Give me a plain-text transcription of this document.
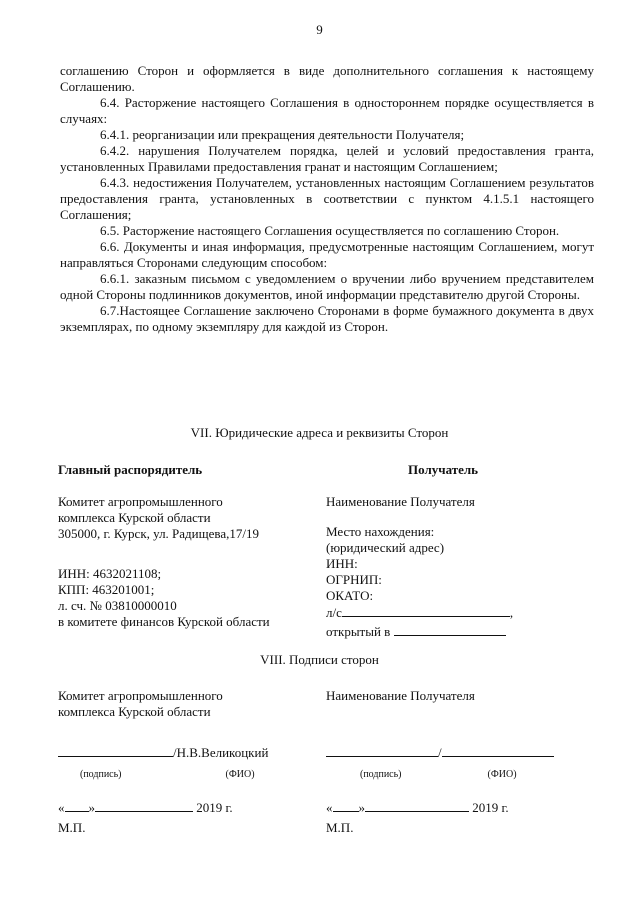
9

соглашению Сторон и оформляется в виде дополнительного соглашения к настоящему Соглашению.

6.4. Расторжение настоящего Соглашения в одностороннем порядке осуществляется в случаях:

6.4.1. реорганизации или прекращения деятельности Получателя;

6.4.2. нарушения Получателем порядка, целей и условий предоставления гранта, установленных Правилами предоставления гранат и настоящим Соглашением;

6.4.3. недостижения Получателем, установленных настоящим Соглашением результатов предоставления гранта, установленных в соответствии с пунктом 4.1.5.1 настоящего Соглашения;

6.5. Расторжение настоящего Соглашения осуществляется по соглашению Сторон.

6.6. Документы и иная информация, предусмотренные настоящим Соглашением, могут направляться Сторонами следующим способом:

6.6.1. заказным письмом с уведомлением о вручении либо вручением представителем одной Стороны подлинников документов, иной информации представителю другой Стороны.

6.7.Настоящее Соглашение заключено Сторонами в форме бумажного документа в двух экземплярах, по одному экземпляру для каждой из Сторон.

VII. Юридические адреса и реквизиты Сторон
Главный распорядитель
Комитет агропромышленного
комплекса Курской области
305000, г. Курск, ул. Радищева,17/19
ИНН: 4632021108;
КПП: 463201001;
л. сч. № 03810000010
в комитете финансов Курской области
Получатель
Наименование Получателя
Место нахождения:
(юридический адрес)
ИНН:
ОГРНИП:
ОКАТО:
л/с	,
открытый в
VIII. Подписи сторон
Комитет агропромышленного
комплекса Курской области
/Н.В.Великоцкий
(подпись)	(ФИО)
« »	2019 г.
М.П.
Наименование Получателя
/
(подпись)	(ФИО)
« »	2019 г.
М.П.
